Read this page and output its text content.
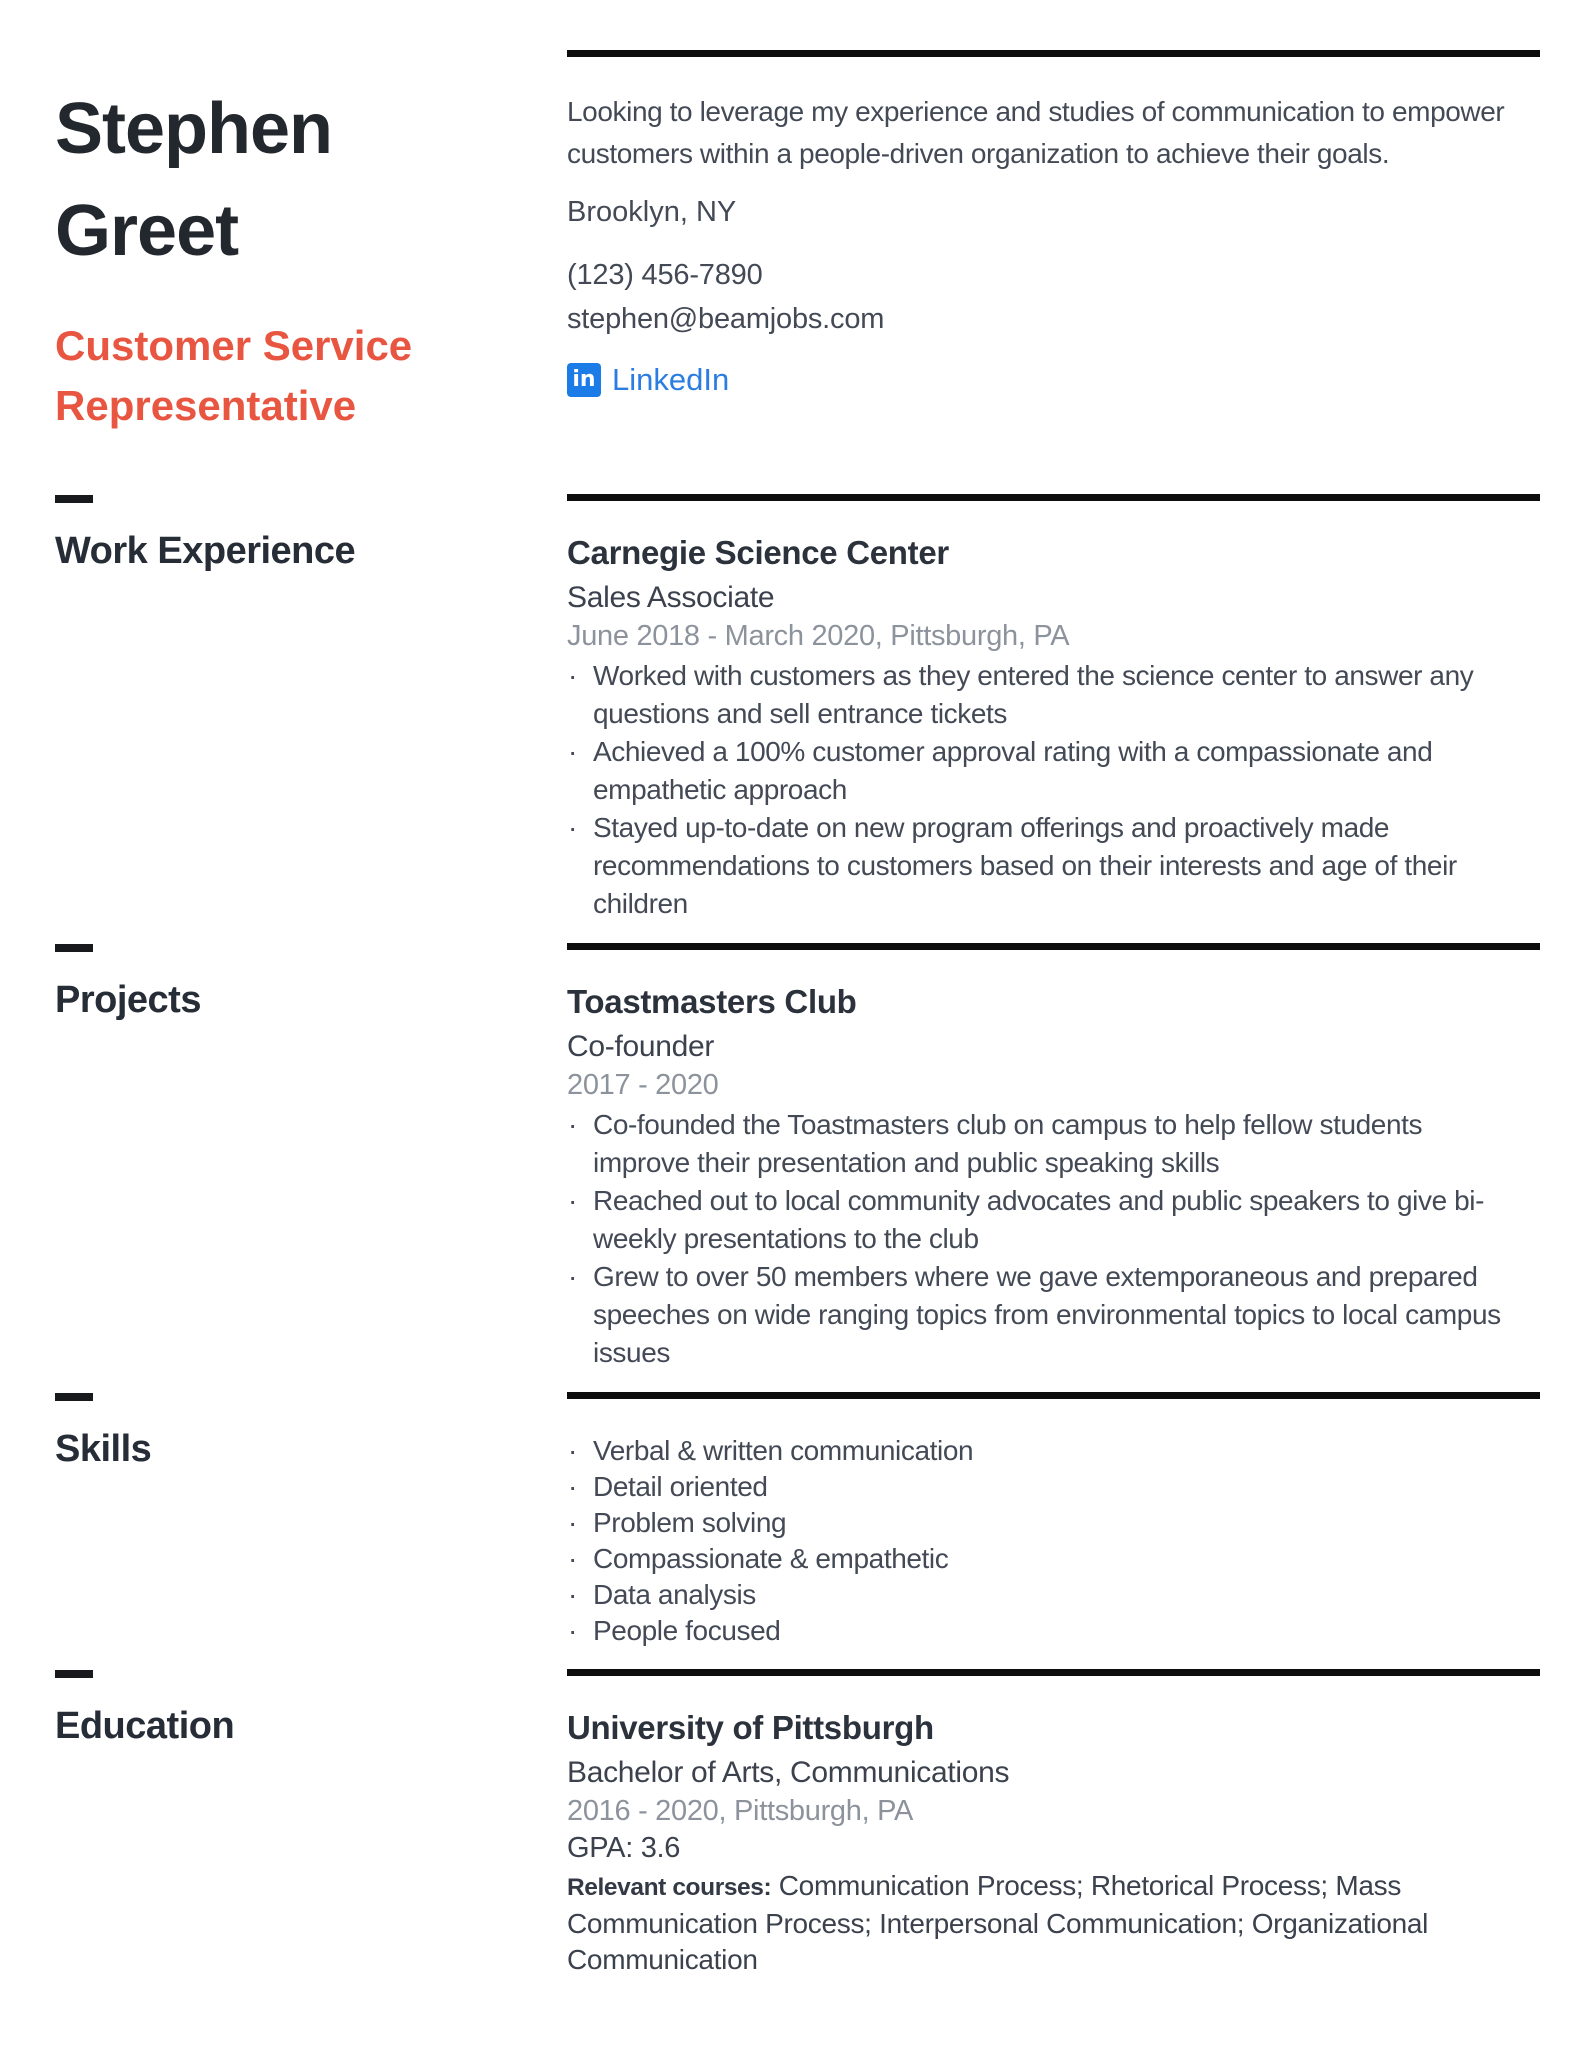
Stephen Greet
Customer Service Representative

Looking to leverage my experience and studies of communication to empower customers within a people-driven organization to achieve their goals.

Brooklyn, NY

(123) 456-7890

stephen@beamjobs.com

in LinkedIn
Work Experience	Carnegie Science Center

Sales Associate

June 2018 - March 2020, Pittsburgh, PA

· Worked with customers as they entered the science center to answer any questions and sell entrance tickets
· Achieved a 100% customer approval rating with a compassionate and empathetic approach
· Stayed up-to-date on new program offerings and proactively made recommendations to customers based on their interests and age of their children
Projects	Toastmasters Club

Co-founder

2017 - 2020

· Co-founded the Toastmasters club on campus to help fellow students improve their presentation and public speaking skills
· Reached out to local community advocates and public speakers to give bi-weekly presentations to the club
· Grew to over 50 members where we gave extemporaneous and prepared speeches on wide ranging topics from environmental topics to local campus issues
Skills	· Verbal & written communication
· Detail oriented
· Problem solving
· Compassionate & empathetic
· Data analysis
· People focused
Education	University of Pittsburgh

Bachelor of Arts, Communications

2016 - 2020, Pittsburgh, PA

GPA: 3.6

Relevant courses: Communication Process; Rhetorical Process; Mass Communication Process; Interpersonal Communication; Organizational Communication
